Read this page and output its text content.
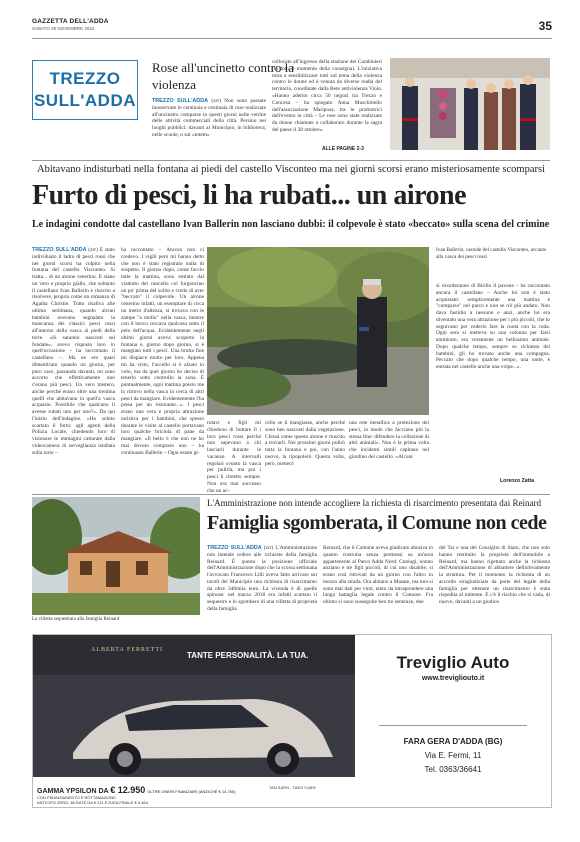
GAZZETTA DELL'ADDA
SABATO 26 NOVEMBRE 2022	35
TREZZO
SULL'ADDA
Rose all'uncinetto contro la violenza
TREZZO SULL'ADDA (zrr) Non sono passate inosservate le centinaia e centinaia di rose realizzate all'uncinetto comparse in questi giorni nelle vetrine delle attività commerciali della città. Persino nei luoghi pubblici: davanti al Municipio, in biblioteca, nelle scuole, o sul «totem»
collocato all'ingresso della stazione dei Carabinieri (in foto il momento della consegna). L'iniziativa mira a sensibilizzare tutti sul tema della violenza contro le donne ed è venuta da diverse realtà del territorio, coordinate dalla Rete antiviolenza Viola. «Hanno aderito circa 50 negozi tra Trezzo e Concesa – ha spiegato Anna Muschitiello dell'associazione Mariposa, tra le promotrici dell'evento in città – Le rose sono state realizzate da donne chiamate a collaborare durante la sagra del paese il 28 ottobre».
ALLE PAGINE 2-3
Abitavano indisturbati nella fontana ai piedi del castello Visconteo ma nei giorni scorsi erano misteriosamente scomparsi
Furto di pesci, li ha rubati... un airone
Le indagini condotte dal castellano Ivan Ballerin non lasciano dubbi: il colpevole è stato «beccato» sulla scena del crimine
TREZZO SULL'ADDA (zrr) È stato individuato il ladro di pesci rossi che nei giorni scorsi ha colpito nella fontana del castello Visconteo. Si tratta... di un airone cenerino. E siano un vero e proprio giallo, che soltanto il castellano Ivan Ballerin è riuscito a risolvere, proprio come un romanzo di Agatha Christie. Tutto risaliva alle ultima settimana, quando alcuni bambini avevano segnalato la mancanza dei classici pesci rossi all'interno della vasca ai piedi della torre. «Si saranno nascosti sul fondale», avevo risposto loro in quell'occasione – ha raccontato il castellano –. Ma ne ero quasi dimenticato quando un giorno, per puro caso, passando davanti, mi sono accorto che effettivamente non c'erano più pesci. Un vero mistero, anche perché erano oltre una trentina quelli che abitavano in quell'a vasca acquario. Possibile che qualcuno li avesse rubati uno per uno?». Da qui l'inizio dell'indagine. «Ho subito scartato il furto: agli agenti della Polizia Locale, chiedendo loro di visionare le immagini catturate dalla videocamera di sorveglianza istallata sulla torre –
ha raccontato – Ancora non ci credevo. I vigili però mi hanno detto che non è stato registrato nulla di sospetto. Il giorno dopo, come faccio tutte la mattina, sono entrato dal viadotto del cancello col furgoncino un po' prima del solito e credo di aver "beccato" il colpevole. Un airone cenerino infatti, un esemplare di circa un metro d'altezza, si trovava con le zampe "a mollo" nella vasca, mentre con il becco cercava qualcosa sotto il pelo dell'acqua. Evidentemente negli ultimi giorni aveva scoperto la fontana e, giorno dopo giorno, si è mangiato tutti i pesci. Una brutta fine mi dispiace molto per loro. Appena mi ha visto, l'uccello si è alzato in volo, ma da quel giorno ho deciso di tenerlo sotto controllo la zona. È puntualmente, ogni mattina presto me lo ritrovo nella vasca in cerca di altri pesci da mangiare. Evidentemente l'ha presa per un ristorante...». I pesci erano una vera e propria attrazione turistica per i bambini, che spesso durante le visite al castello portavano loro qualche briciola di pane da mangiare. «Il bello è che non ne ho mai dovuto comprare uno – ha continuato Ballerin – Ogni estate gi-
Ivan Ballerin, castode del castello Visconteo, accanto alla vasca dei pesci rossi
rotavi e figli mi chiedono di buttare lì i loro pesci rossi perché non sapevano a chi lasciarli durante le vacanze. A intervalli regolari svuoto la vasca per pulirla, ma poi i pesci li rimetto sempre. Non era mai successo che un uc-
cello se li mangiasse, anche perché sono ben nascosti dalla vegetazione. Chissà come questo airone è riuscito a trovarli. Nei prossimi giorni pulirò tutta la fontana e poi, con l'anno nuovo, la ripopolerò. Questa volta, però, metterò
una rete metallica a protezione dei pesci, in modo che facciano più la stessa fine: difendere la collezione di altri animali». Non è la prima volta che incidenti simili capitano nel giardino del castello. «Alcuni
si ricorderanno di Birillo il pavone – ha raccontato ancora il castellano – Anche lui non è stato acquistato: semplicemente una mattina è "comparso" nel parco e non se n'è più andato. Non dava fastidio a nessuno e anzi, anche lui era diventato una vera attrazione per i più piccoli, che lo seguivano per vederlo fare la ruota con la coda. Ogni sera si metteva su una colonna per farsi ammirare, era veramente un bellissimo animale. Dopo qualche tempo, sempre su richiesta dei bambini, gli ho trovato anche una compagna. Peccato che dopo qualche tempo, una notte, è entrata nel castello anche una volpe...».
Lorenzo Zatta
La villetta sequestrata alla famiglia Reinard
L'Amministrazione non intende accogliere la richiesta di risarcimento presentata dai Reinard
Famiglia sgomberata, il Comune non cede
TREZZO SULL'ADDA (zrr) L'Amministrazione non intende cedere alle richieste della famiglia Reinard. È questa la posizione ufficiale dell'Amministrazione dopo che la scorsa settimana l'avvocato Francesco Lilli aveva fatto arrivare sui tavoli del Municipio una richiesta di risarcimento da oltre 340mila euro. La vicenda è di quelle spinose: nel marzo 2018 era infatti scattato il sequestro e lo sgombero di una villetta di proprietà della famiglia
Reinard, che il Comune aveva giudicato abusiva in quanto costruita senza permessi su un'area appartenente al Parco Adda Nord. Coniugi, nonno anziano e tre figli piccoli, di cui uno disabile, si erano così ritrovati da un giorno con l'altro in mezzo alla strada. Ora abitano a Masate, ma non si sono mai dati per vinti, tanto da intraprendere una lunga battaglia legale contro il Comune. Fra ultimo si sono susseguite ben tre sentenze, due
del Tar e una del Consiglio di Stato, che non solo hanno restituito la proprietà dell'immobile a Reinard, ma hanno rigettato anche la richiesta dell'Amministrazione di abbattere definitivamente la struttura. Per il momento la richiesta di un accordo stragiudiziale da parte del legale della famiglia per ottenere un risarcimento è stata rispedita al mittente. E c'è il rischio che si vada, di nuovo, davanti a un giudice.
ALBERTA FERRETTI
TANTE PERSONALITÀ. LA TUA.
GAMMA YPSILON DA € 12.950 OLTRE ONERI FINANZIARI (ANZICHÉ € 14.750)
CON FINANZIAMENTO E ROTTAMAZIONE.
ANTICIPO ZERO, 48 RATE DA € 211 E RATA FINALE € 6.464.
TAN 5,85% - TAEG 9,08%
Treviglio Auto
www.trevigliouto.it
FARA GERA D'ADDA (BG)
Via E. Fermi, 11
Tel. 0363/36641
